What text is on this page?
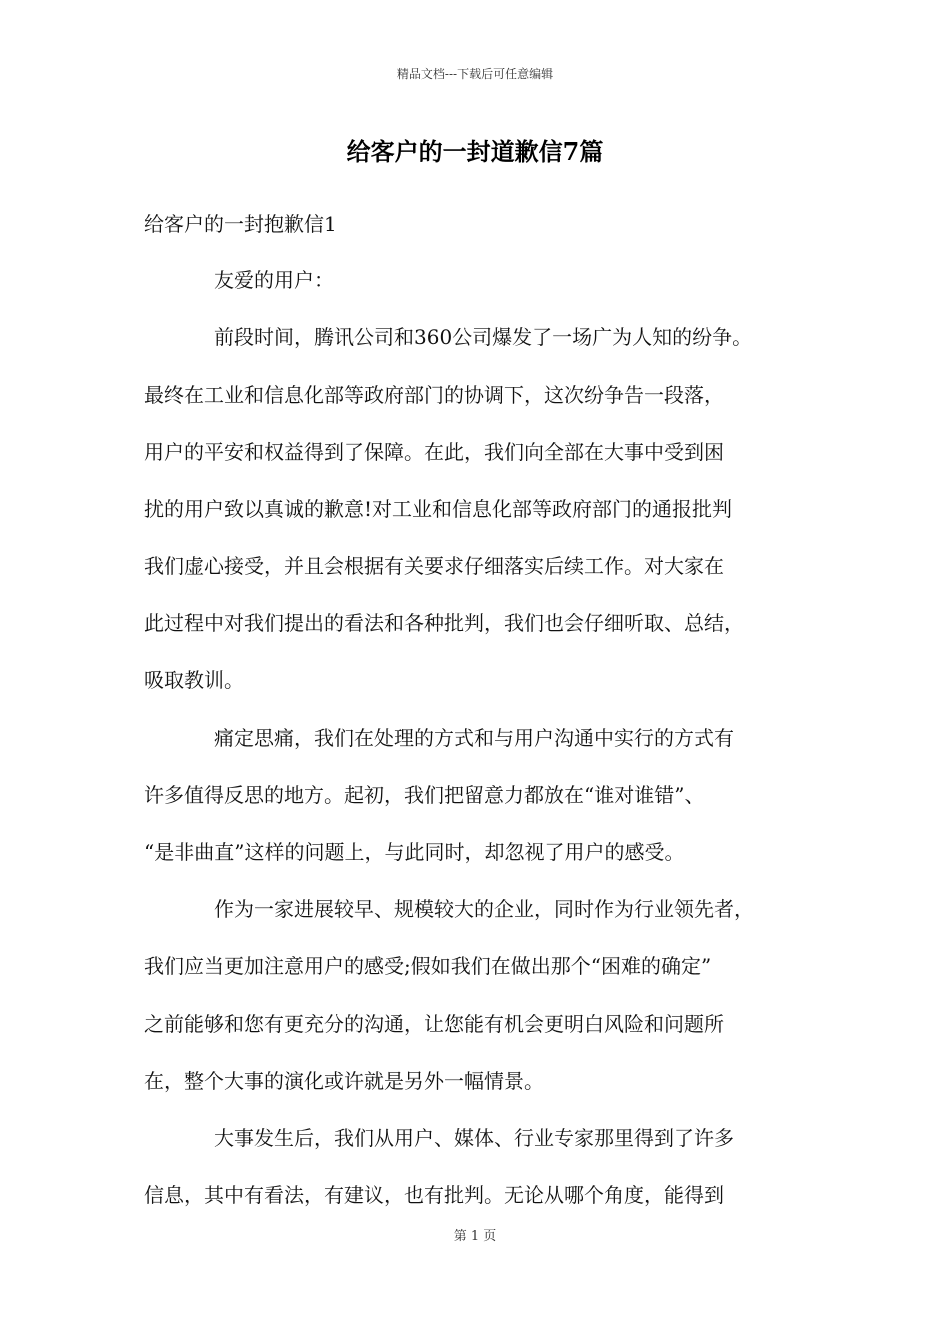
精品文档---下载后可任意编辑
给客户的一封道歉信7篇
给客户的一封抱歉信1
友爱的用户：
前段时间，腾讯公司和360公司爆发了一场广为人知的纷争。
最终在工业和信息化部等政府部门的协调下，这次纷争告一段落，
用户的平安和权益得到了保障。在此，我们向全部在大事中受到困
扰的用户致以真诚的歉意!对工业和信息化部等政府部门的通报批判
我们虚心接受，并且会根据有关要求仔细落实后续工作。对大家在
此过程中对我们提出的看法和各种批判，我们也会仔细听取、总结，
吸取教训。
痛定思痛，我们在处理的方式和与用户沟通中实行的方式有
许多值得反思的地方。起初，我们把留意力都放在“谁对谁错”、
“是非曲直”这样的问题上，与此同时，却忽视了用户的感受。
作为一家进展较早、规模较大的企业，同时作为行业领先者，
我们应当更加注意用户的感受;假如我们在做出那个“困难的确定”
之前能够和您有更充分的沟通，让您能有机会更明白风险和问题所
在，整个大事的演化或许就是另外一幅情景。
大事发生后，我们从用户、媒体、行业专家那里得到了许多
信息，其中有看法，有建议，也有批判。无论从哪个角度，能得到
第 1 页
